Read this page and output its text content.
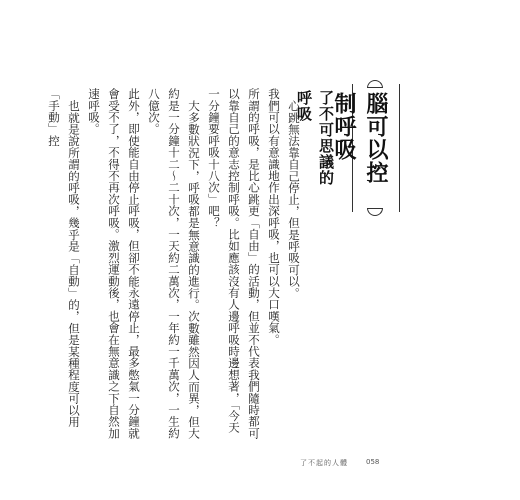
腦可以控制呼吸
了不可思議的呼吸

心跳無法靠自己停止，但是呼吸可以。

我們可以有意識地作出深呼吸，也可以大口嘆氣。

所謂的呼吸，是比心跳更「自由」的活動，但並不代表我們隨時都可以靠自己的意志控制呼吸。比如應該沒有人邊呼吸時邊想著，「今天一分鐘要呼吸十八次」吧？

大多數狀況下，呼吸都是無意識的進行。次數雖然因人而異，但大約是一分鐘十二～二十次，一天約二萬次，一年約一千萬次，一生約八億次。

此外，即使能自由停止呼吸，但卻不能永遠停止，最多憋氣一分鐘就會受不了，不得不再次呼吸。激烈運動後，也會在無意識之下自然加速呼吸。

也就是說所謂的呼吸，幾乎是「自動」的，但是某種程度可以用「手動」控

了不起的人體	058
